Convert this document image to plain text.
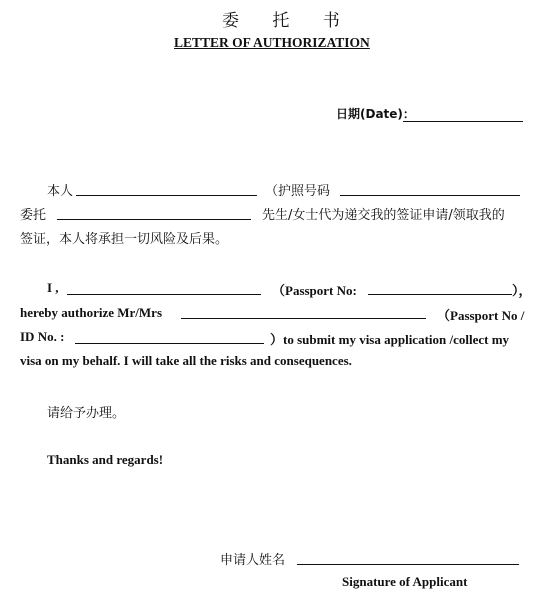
委 托 书
LETTER OF AUTHORIZATION
日期(Date)：
本人	（护照号码
委托	先生/女士代为递交我的签证申请/领取我的
签证，本人将承担一切风险及后果。
I ,	（Passport No:	），
hereby authorize Mr/Mrs	（Passport No /
ID No. :	）to submit my visa application /collect my
visa on my behalf. I will take all the risks and consequences.
请给予办理。
Thanks and regards!
申请人姓名
Signature of Applicant
